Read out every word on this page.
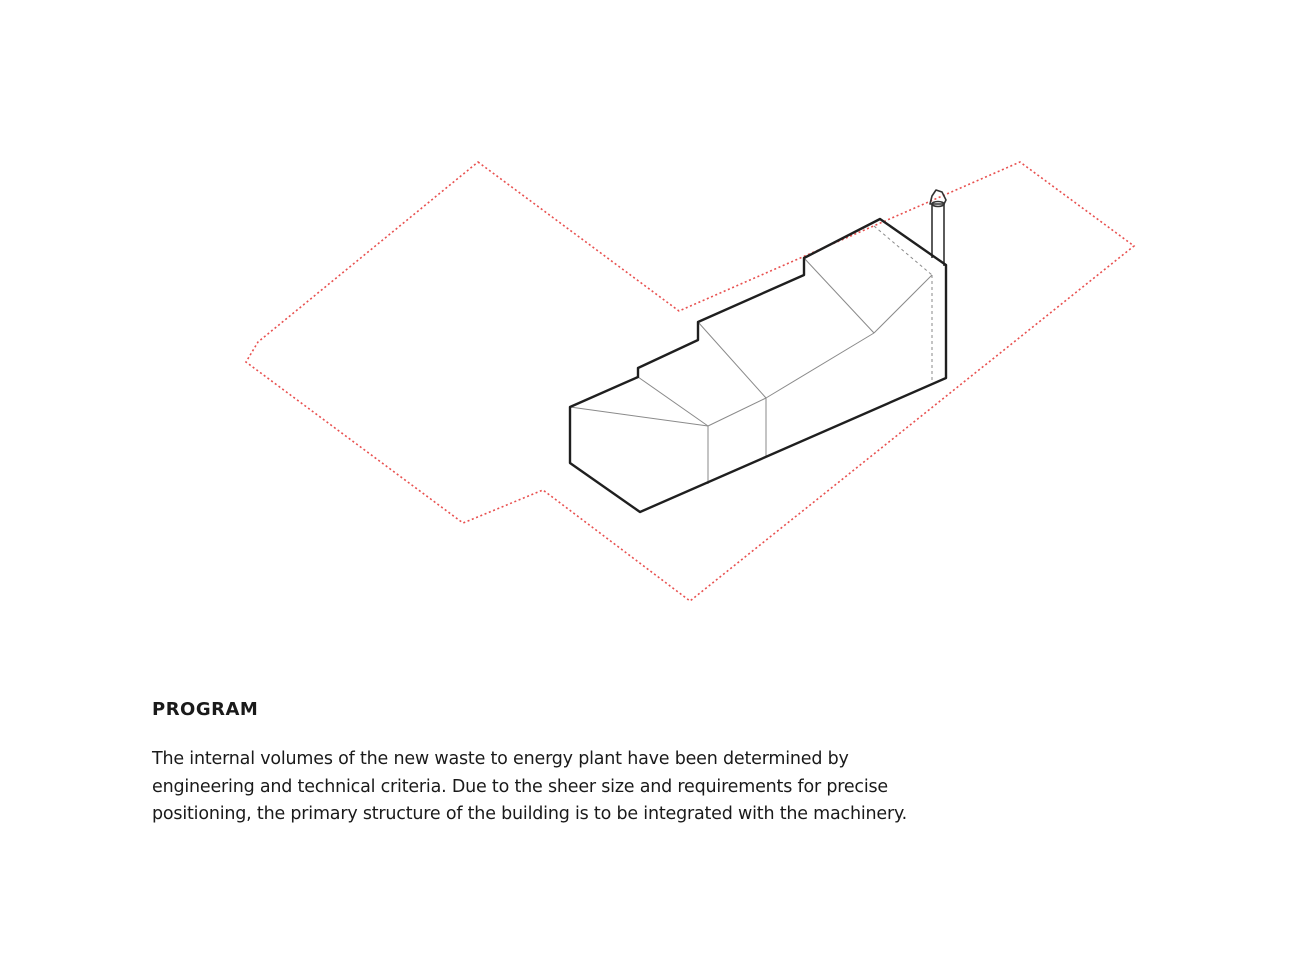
PROGRAM

The internal volumes of the new waste to energy plant have been determined by engineering and technical criteria. Due to the sheer size and requirements for precise positioning, the primary structure of the building is to be integrated with the machinery.
